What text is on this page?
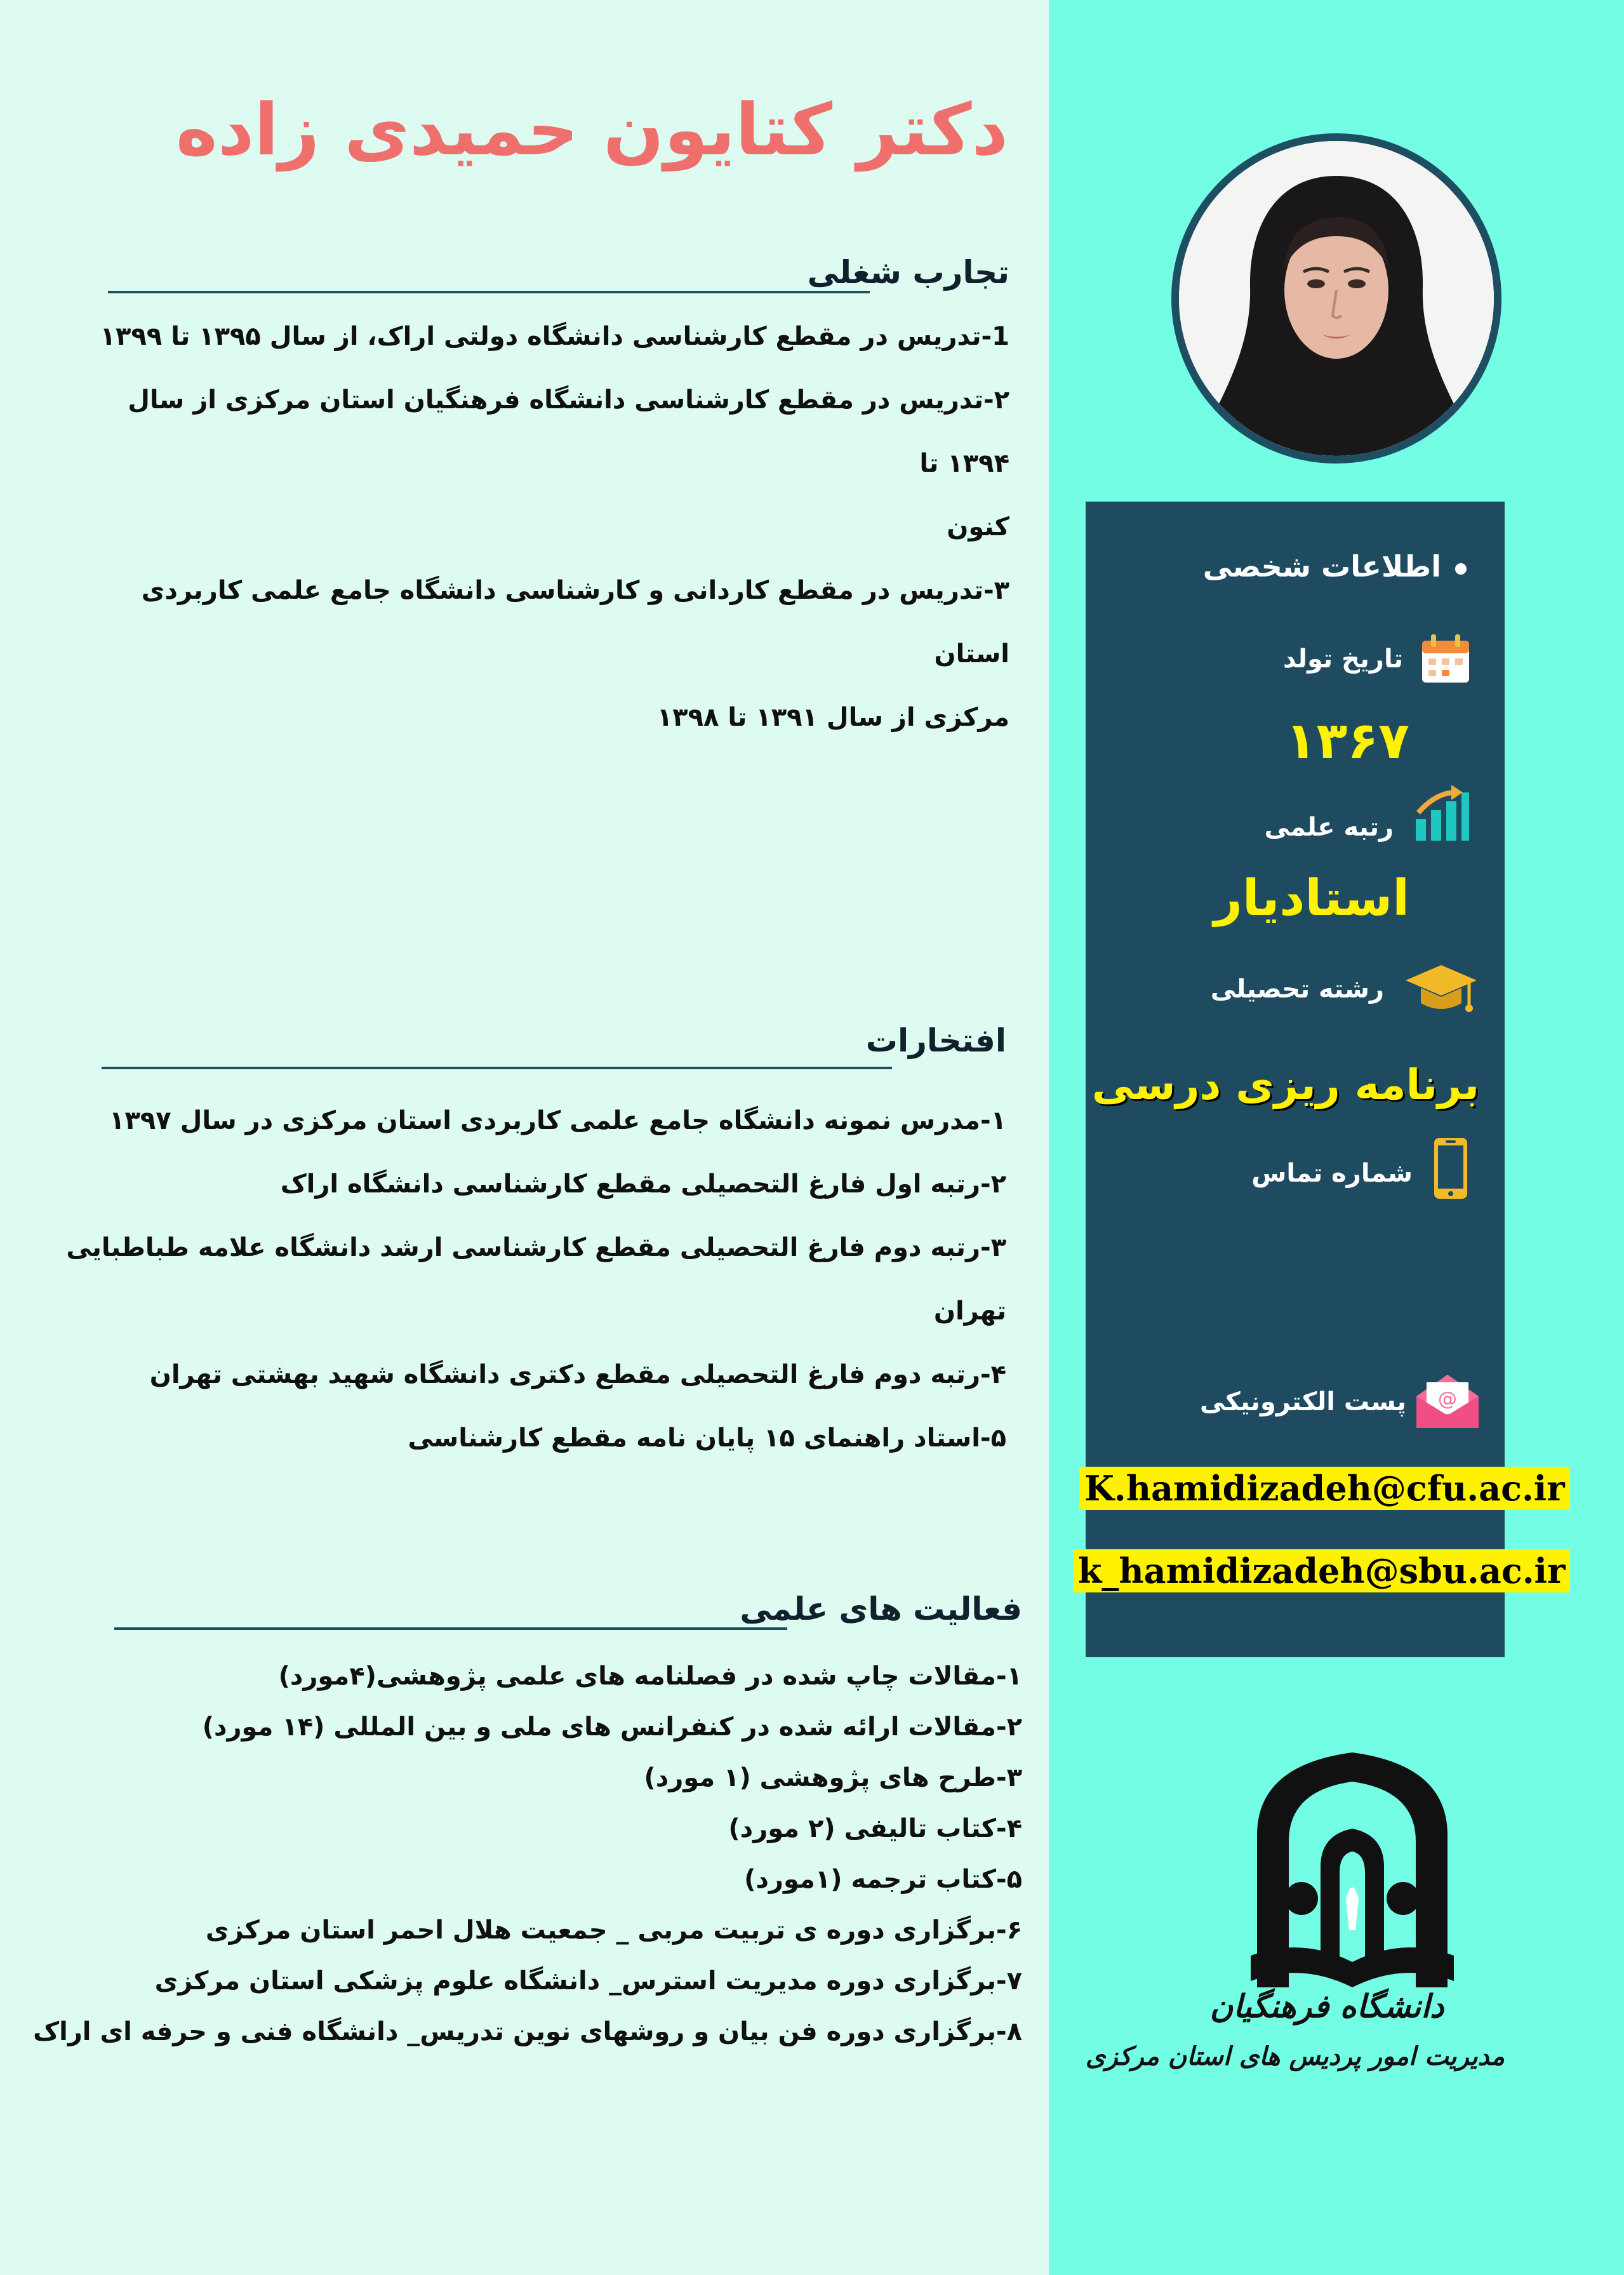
دکتر کتایون حمیدی زاده
تجارب شغلی
1-تدریس در مقطع کارشناسی دانشگاه دولتی اراک، از سال ۱۳۹۵ تا ۱۳۹۹
۲-تدریس در مقطع کارشناسی دانشگاه فرهنگیان استان مرکزی از سال ۱۳۹۴ تا
کنون
۳-تدریس در مقطع کاردانی و کارشناسی دانشگاه جامع علمی کاربردی استان
مرکزی از سال ۱۳۹۱ تا ۱۳۹۸
افتخارات
۱-مدرس نمونه دانشگاه جامع علمی کاربردی استان مرکزی در سال ۱۳۹۷
۲-رتبه اول فارغ التحصیلی مقطع کارشناسی دانشگاه اراک
۳-رتبه دوم فارغ التحصیلی مقطع کارشناسی ارشد دانشگاه علامه طباطبایی تهران
۴-رتبه دوم فارغ التحصیلی مقطع دکتری دانشگاه شهید بهشتی تهران
۵-استاد راهنمای ۱۵ پایان نامه مقطع کارشناسی
فعالیت های علمی
۱-مقالات چاپ شده در فصلنامه های علمی پژوهشی(۴مورد)
۲-مقالات ارائه شده در کنفرانس های ملی و بین المللی (۱۴ مورد)
۳-طرح های پژوهشی (۱ مورد)
۴-کتاب تالیفی (۲ مورد)
۵-کتاب ترجمه (۱مورد)
۶-برگزاری دوره ی تربیت مربی _ جمعیت هلال احمر استان مرکزی
۷-برگزاری دوره مدیریت استرس_ دانشگاه علوم پزشکی استان مرکزی
۸-برگزاری دوره فن بیان و روشهای نوین تدریس_ دانشگاه فنی و حرفه ای اراک
اطلاعات شخصی
تاریخ تولد
۱۳۶۷
رتبه علمی
استادیار
رشته تحصیلی
برنامه ریزی درسی
شماره تماس
@
پست الکترونیکی
K.hamidizadeh@cfu.ac.ir
k_hamidizadeh@sbu.ac.ir
دانشگاه فرهنگیان
مدیریت امور پردیس های استان مرکزی
